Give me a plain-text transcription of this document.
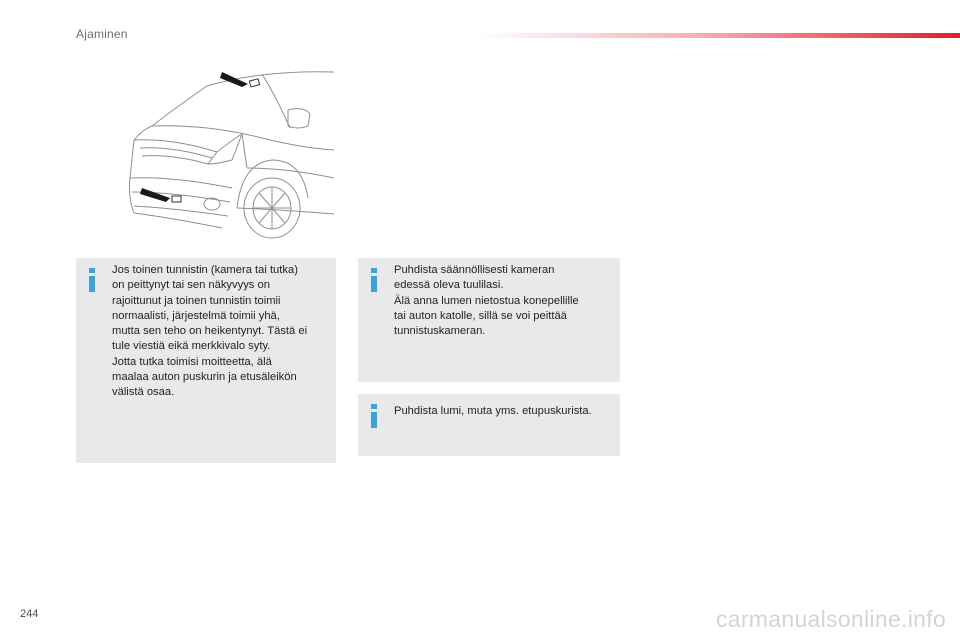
Ajaminen
Jos toinen tunnistin (kamera tai tutka)
on peittynyt tai sen näkyvyys on
rajoittunut ja toinen tunnistin toimii
normaalisti, järjestelmä toimii yhä,
mutta sen teho on heikentynyt. Tästä ei
tule viestiä eikä merkkivalo syty.
Jotta tutka toimisi moitteetta, älä
maalaa auton puskurin ja etusäleikön
välistä osaa.
Puhdista säännöllisesti kameran
edessä oleva tuulilasi.
Älä anna lumen nietostua konepellille
tai auton katolle, sillä se voi peittää
tunnistuskameran.
Puhdista lumi, muta yms. etupuskurista.
244	carmanualsonline.info
